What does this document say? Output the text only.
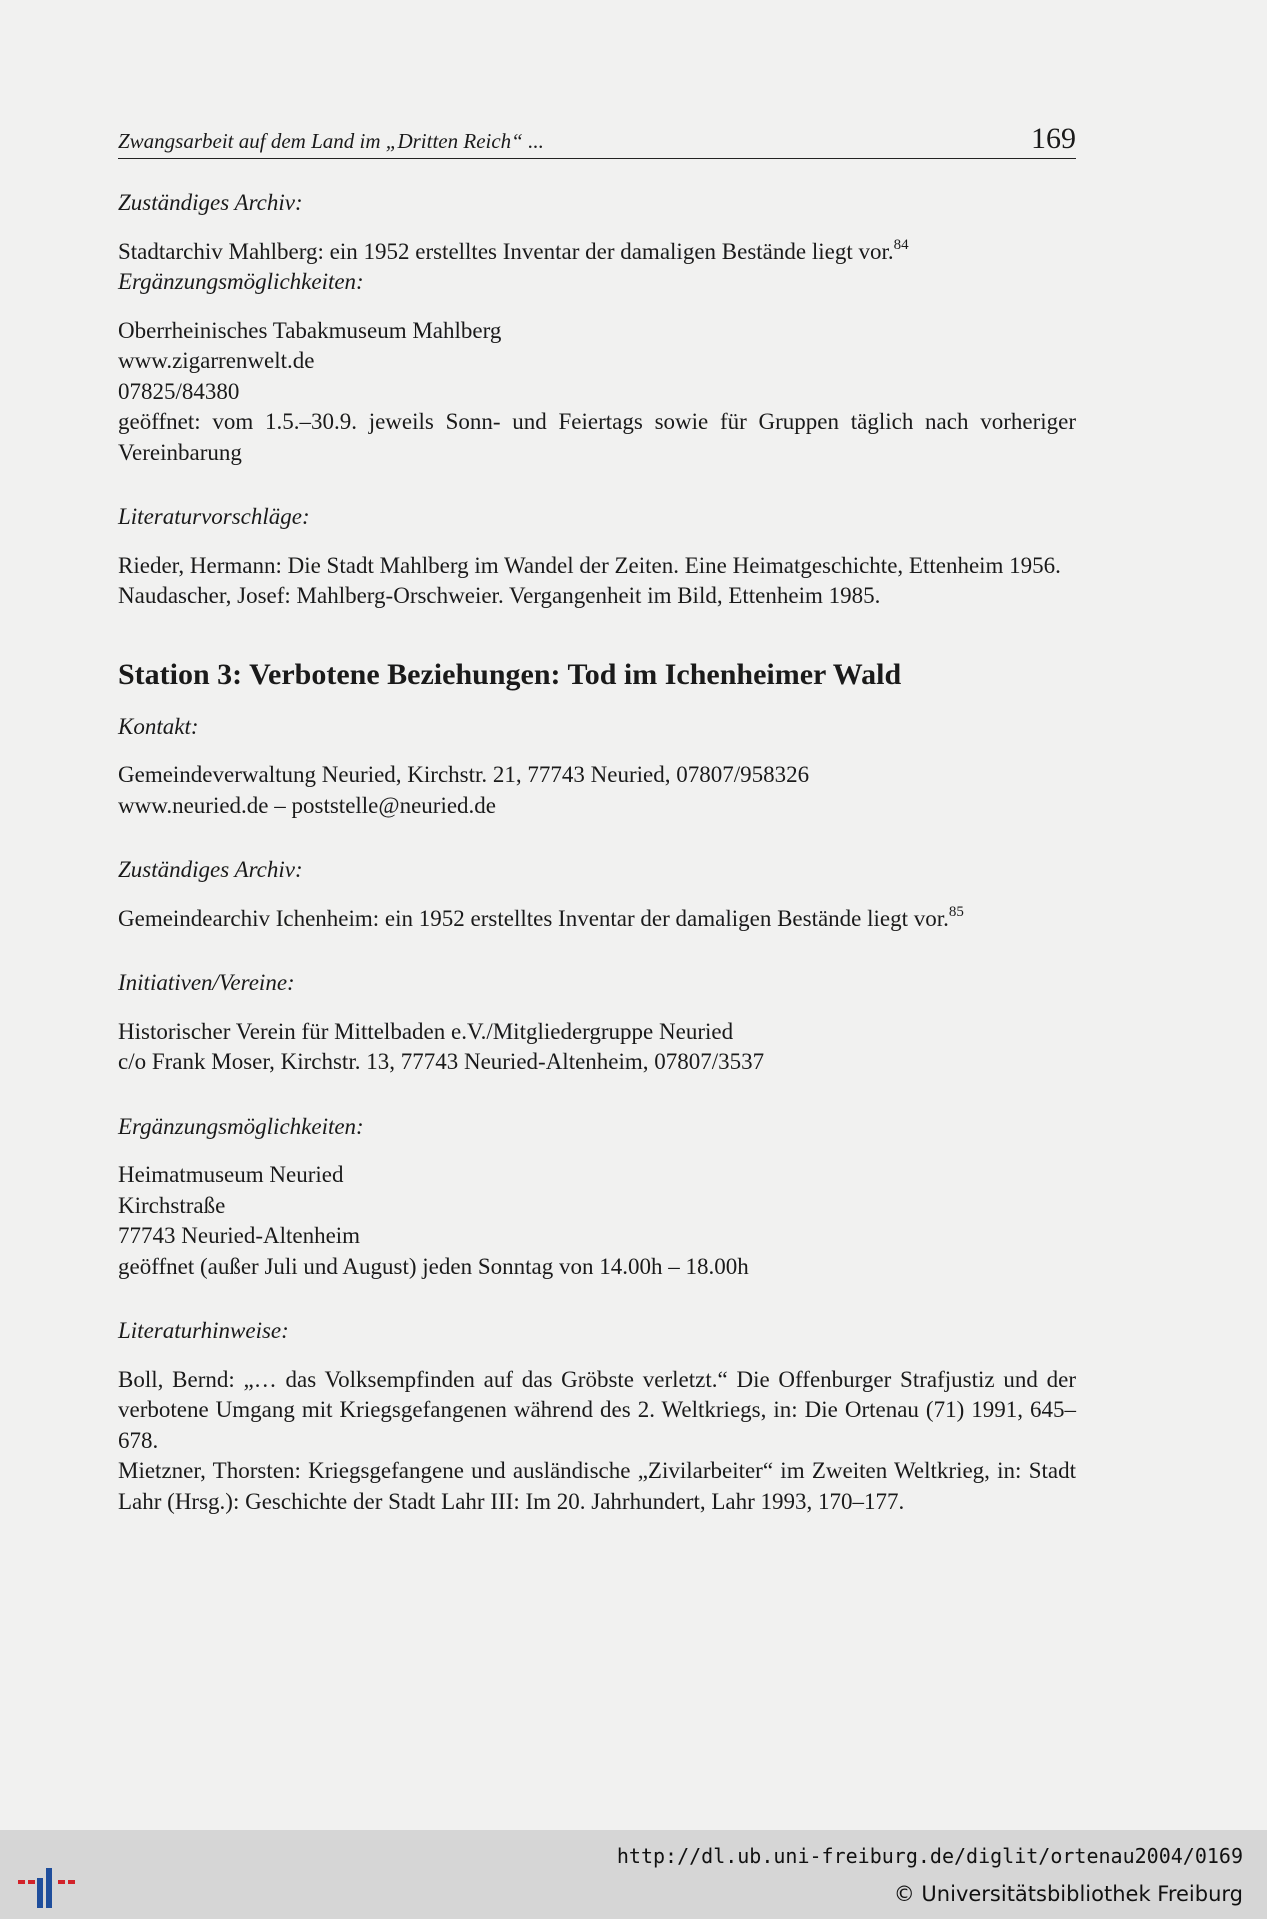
Zwangsarbeit auf dem Land im „Dritten Reich“ ...	169

Zuständiges Archiv:

Stadtarchiv Mahlberg: ein 1952 erstelltes Inventar der damaligen Bestände liegt vor.$^{84}$

Ergänzungsmöglichkeiten:

Oberrheinisches Tabakmuseum Mahlberg
www.zigarrenwelt.de
07825/84380
geöffnet: vom 1.5.–30.9. jeweils Sonn- und Feiertags sowie für Gruppen täglich nach vorheriger Vereinbarung

Literaturvorschläge:

Rieder, Hermann: Die Stadt Mahlberg im Wandel der Zeiten. Eine Heimatgeschichte, Ettenheim 1956.
Naudascher, Josef: Mahlberg-Orschweier. Vergangenheit im Bild, Ettenheim 1985.

Station 3: Verbotene Beziehungen: Tod im Ichenheimer Wald

Kontakt:

Gemeindeverwaltung Neuried, Kirchstr. 21, 77743 Neuried, 07807/958326
www.neuried.de – poststelle@neuried.de

Zuständiges Archiv:

Gemeindearchiv Ichenheim: ein 1952 erstelltes Inventar der damaligen Bestände liegt vor.$^{85}$

Initiativen/Vereine:

Historischer Verein für Mittelbaden e.V./Mitgliedergruppe Neuried
c/o Frank Moser, Kirchstr. 13, 77743 Neuried-Altenheim, 07807/3537

Ergänzungsmöglichkeiten:

Heimatmuseum Neuried
Kirchstraße
77743 Neuried-Altenheim
geöffnet (außer Juli und August) jeden Sonntag von 14.00h – 18.00h

Literaturhinweise:

Boll, Bernd: „… das Volksempfinden auf das Gröbste verletzt.“ Die Offenburger Strafjustiz und der verbotene Umgang mit Kriegsgefangenen während des 2. Weltkriegs, in: Die Ortenau (71) 1991, 645–678.
Mietzner, Thorsten: Kriegsgefangene und ausländische „Zivilarbeiter“ im Zweiten Weltkrieg, in: Stadt Lahr (Hrsg.): Geschichte der Stadt Lahr III: Im 20. Jahrhundert, Lahr 1993, 170–177.

http://dl.ub.uni-freiburg.de/diglit/ortenau2004/0169
© Universitätsbibliothek Freiburg
